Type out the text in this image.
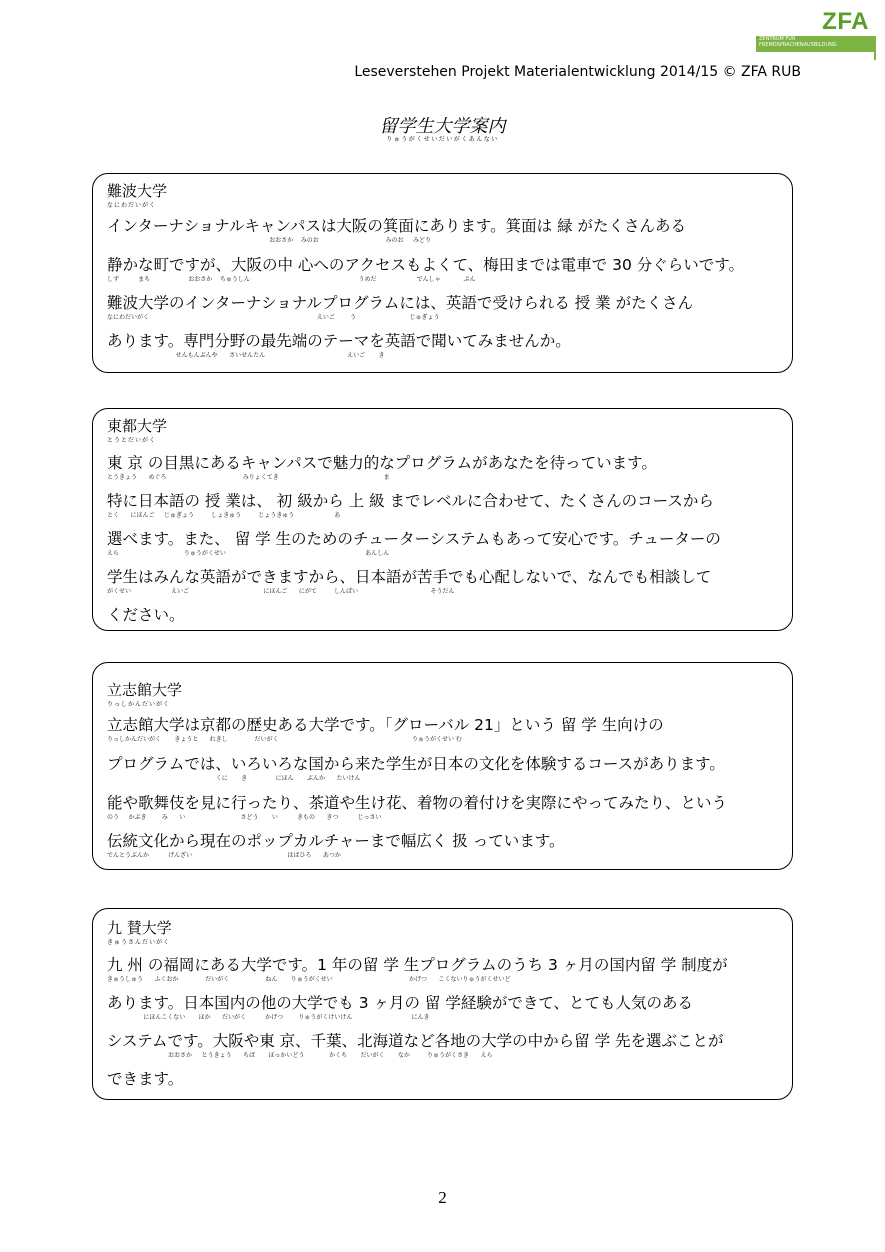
ZFA
ZENTRUM FÜR
FREMDSPRACHENAUSBILDUNG
Leseverstehen Projekt Materialentwicklung 2014/15 © ZFA RUB
留学生大学案内
りゅうがくせいだいがくあんない
難波大学
なにわだいがく
インターナショナルキャンパスは大阪の箕面にあります。箕面は 緑 がたくさんある
おおさか    みのお                                   みのお     みどり
静かな町ですが、大阪の中 心へのアクセスもよくて、梅田までは電車で 30 分ぐらいです。
しず          まち                    おおさか    ちゅうしん                                                         うめだ                     でんしゃ            ぷん
難波大学のインターナショナルプログラムには、英語で受けられる 授 業 がたくさん
なにわだいがく                                                                                        えいご        う                            じゅぎょう
あります。専門分野の最先端のテーマを英語で聞いてみませんか。
せんもんぶんや      さいせんたん                                           えいご       き
東都大学
とうとだいがく
東 京 の目黒にあるキャンパスで魅力的なプログラムがあなたを待っています。
とうきょう      めぐろ                                        みりょくてき                                                       ま
特に日本語の 授 業は、 初 級から 上 級 までレベルに合わせて、たくさんのコースから
とく      にほんご     じゅぎょう         しょきゅう         じょうきゅう                     あ
選べます。また、 留 学 生のためのチューターシステムもあって安心です。チューターの
えら                                  りゅうがくせい                                                                         あんしん
学生はみんな英語ができますから、日本語が苦手でも心配しないで、なんでも相談して
がくせい                     えいご                                       にほんご      にがて         しんぱい                                      そうだん
ください。
立志館大学
りっしかんだいがく
立志館大学は京都の歴史ある大学です。「グローバル 21」という 留 学 生向けの
りっしかんだいがく       きょうと      れきし              だいがく                                                                      りゅうがくせい む
プログラムでは、いろいろな国から来た学生が日本の文化を体験するコースがあります。
くに       き               にほん       ぶんか      たいけん
能や歌舞伎を見に行ったり、茶道や生け花、着物の着付けを実際にやってみたり、という
のう     かぶき        み      い                             さどう       い          きもの      きつ          じっさい
伝統文化から現在のポップカルチャーまで幅広く 扱 っています。
でんとうぶんか          げんざい                                                  はばひろ      あつか
九 賛大学
きゅうさんだいがく
九 州 の福岡にある大学です。1 年の留 学 生プログラムのうち 3 ヶ月の国内留 学 制度が
きゅうしゅう      ふくおか              だいがく                   ねん       りゅうがくせい                                        かげつ      こくないりゅうがくせいど
あります。日本国内の他の大学でも 3 ヶ月の 留 学経験ができて、とても人気のある
にほんこくない       ほか      だいがく          かげつ        りゅうがくけいけん                               にんき
システムです。大阪や東 京、千葉、北海道など各地の大学の中から留 学 先を選ぶことが
おおさか     とうきょう      ちば       ほっかいどう             かくち       だいがく       なか         りゅうがくさき      えら
できます。
2
